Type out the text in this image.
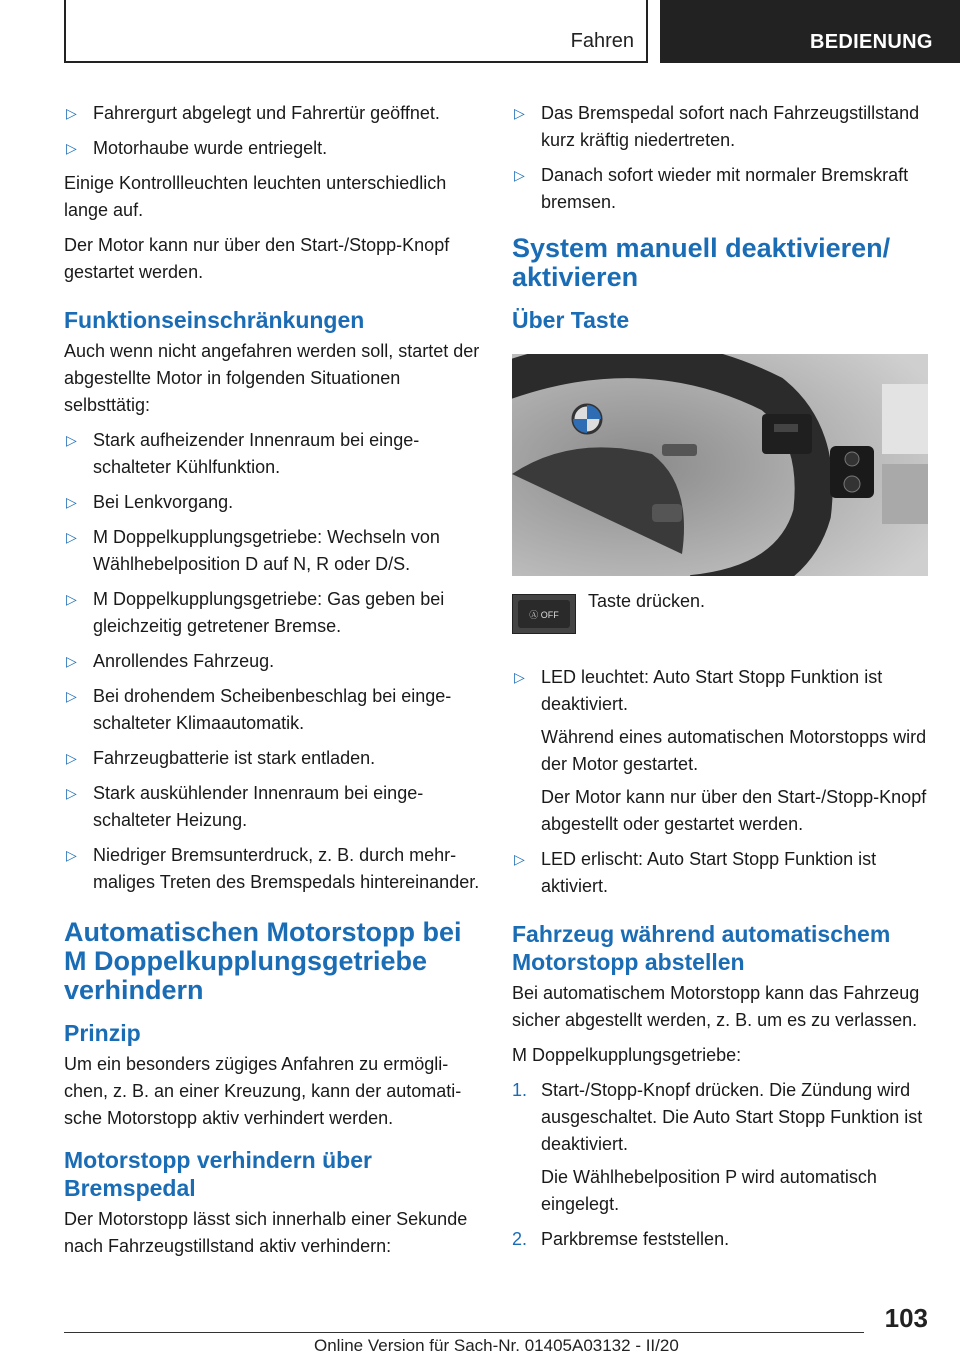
Fahren	BEDIENUNG
▷ Fahrergurt abgelegt und Fahrertür geöffnet.
▷ Motorhaube wurde entriegelt.

Einige Kontrollleuchten leuchten unterschiedlich lange auf.

Der Motor kann nur über den Start-/Stopp-Knopf gestartet werden.

Funktionseinschränkungen

Auch wenn nicht angefahren werden soll, startet der abgestellte Motor in folgenden Situationen selbsttätig:

▷ Stark aufheizender Innenraum bei eingeschalteter Kühlfunktion.
▷ Bei Lenkvorgang.
▷ M Doppelkupplungsgetriebe: Wechseln von Wählhebelposition D auf N, R oder D/S.
▷ M Doppelkupplungsgetriebe: Gas geben bei gleichzeitig getretener Bremse.
▷ Anrollendes Fahrzeug.
▷ Bei drohendem Scheibenbeschlag bei eingeschalteter Klimaautomatik.
▷ Fahrzeugbatterie ist stark entladen.
▷ Stark auskühlender Innenraum bei eingeschalteter Heizung.
▷ Niedriger Bremsunterdruck, z. B. durch mehrmaliges Treten des Bremspedals hintereinander.
Automatischen Motorstopp bei M Doppelkupplungsgetriebe verhindern
Prinzip

Um ein besonders zügiges Anfahren zu ermöglichen, z. B. an einer Kreuzung, kann der automatische Motorstopp aktiv verhindert werden.

Motorstopp verhindern über Bremspedal

Der Motorstopp lässt sich innerhalb einer Sekunde nach Fahrzeugstillstand aktiv verhindern:

▷ Das Bremspedal sofort nach Fahrzeugstillstand kurz kräftig niedertreten.
▷ Danach sofort wieder mit normaler Bremskraft bremsen.
System manuell deaktivieren/ aktivieren
Über Taste
Ⓐ OFF

Taste drücken.

▷ LED leuchtet: Auto Start Stopp Funktion ist deaktiviert.
Während eines automatischen Motorstopps wird der Motor gestartet.
Der Motor kann nur über den Start-/Stopp-Knopf abgestellt oder gestartet werden.
▷ LED erlischt: Auto Start Stopp Funktion ist aktiviert.
Fahrzeug während automatischem Motorstopp abstellen

Bei automatischem Motorstopp kann das Fahrzeug sicher abgestellt werden, z. B. um es zu verlassen.

M Doppelkupplungsgetriebe:

1. Start-/Stopp-Knopf drücken. Die Zündung wird ausgeschaltet. Die Auto Start Stopp Funktion ist deaktiviert.
Die Wählhebelposition P wird automatisch eingelegt.
2. Parkbremse feststellen.
103
Online Version für Sach-Nr. 01405A03132 - II/20
